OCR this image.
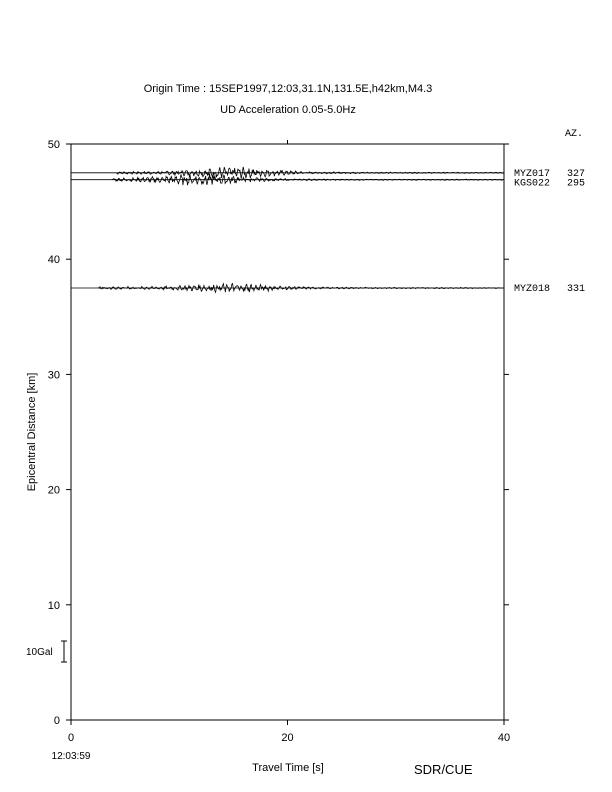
Origin Time : 15SEP1997,12:03,31.1N,131.5E,h42km,M4.3
UD Acceleration 0.05-5.0Hz
AZ.
0
10
20
30
40
50
0	20	40
MYZ017 327
KGS022 295
MYZ018 331
Epicentral Distance [km]
Travel Time [s]
12:03:59
SDR/CUE
10Gal
